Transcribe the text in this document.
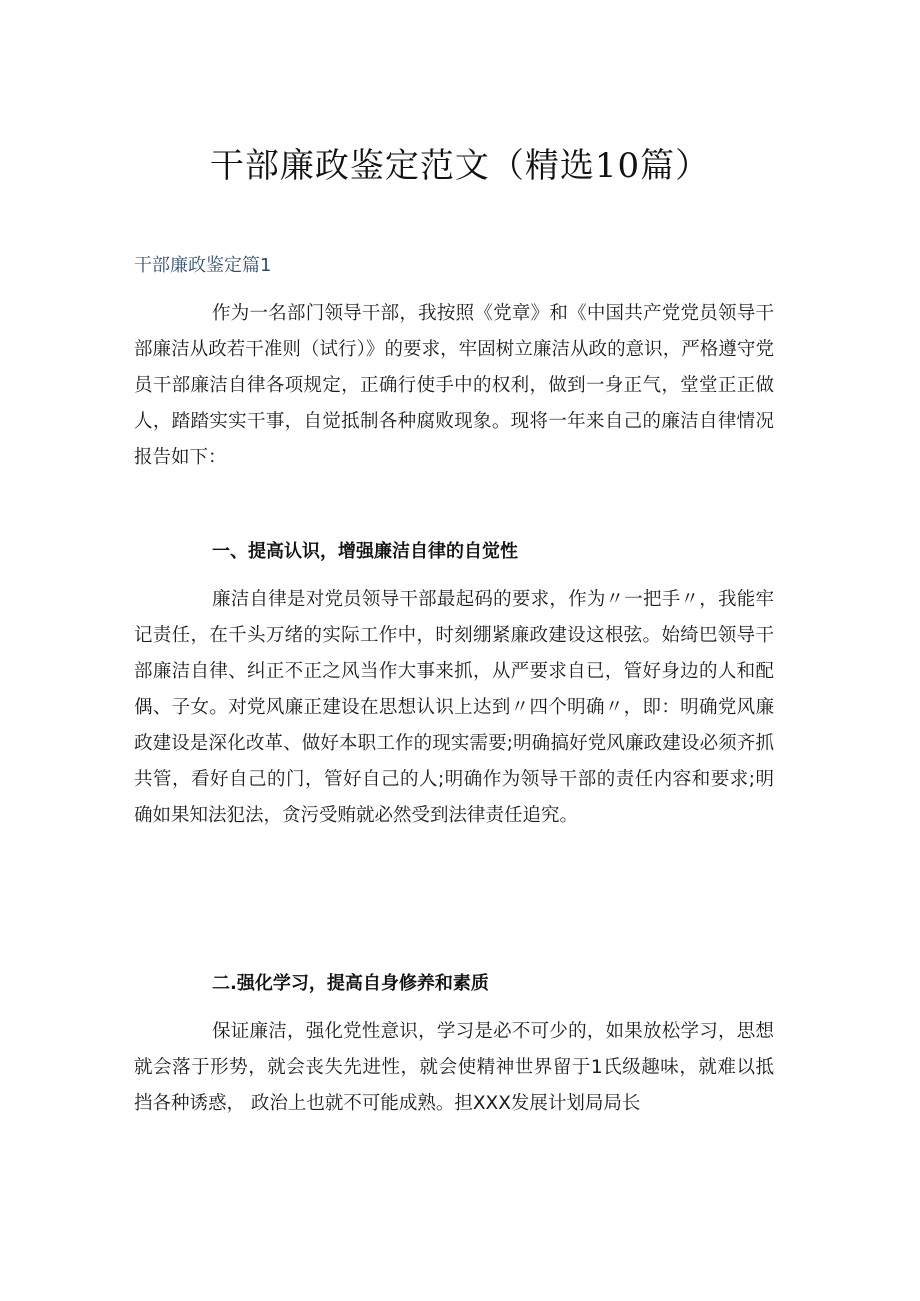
干部廉政鉴定范文（精选10篇）
干部廉政鉴定篇1

作为一名部门领导干部，我按照《党章》和《中国共产党党员领导干部廉洁从政若干准则（试行）》的要求，牢固树立廉洁从政的意识，严格遵守党员干部廉洁自律各项规定，正确行使手中的权利，做到一身正气，堂堂正正做人，踏踏实实干事，自觉抵制各种腐败现象。现将一年来自己的廉洁自律情况报告如下：

一、提高认识，增强廉洁自律的自觉性

廉洁自律是对党员领导干部最起码的要求，作为〃一把手〃，我能牢记责任，在千头万绪的实际工作中，时刻绷紧廉政建设这根弦。始绮巴领导干部廉洁自律、纠正不正之风当作大事来抓，从严要求自已，管好身边的人和配偶、子女。对党风廉正建设在思想认识上达到〃四个明确〃，即：明确党风廉政建设是深化改革、做好本职工作的现实需要;明确搞好党风廉政建设必须齐抓共管，看好自己的门，管好自己的人;明确作为领导干部的责任内容和要求;明确如果知法犯法，贪污受贿就必然受到法律责任追究。

二.强化学习，提高自身修养和素质

保证廉洁，强化党性意识，学习是必不可少的，如果放松学习，思想就会落于形势，就会丧失先进性，就会使精神世界留于1氏级趣味，就难以抵挡各种诱惑， 政治上也就不可能成熟。担XXX发展计划局局长
